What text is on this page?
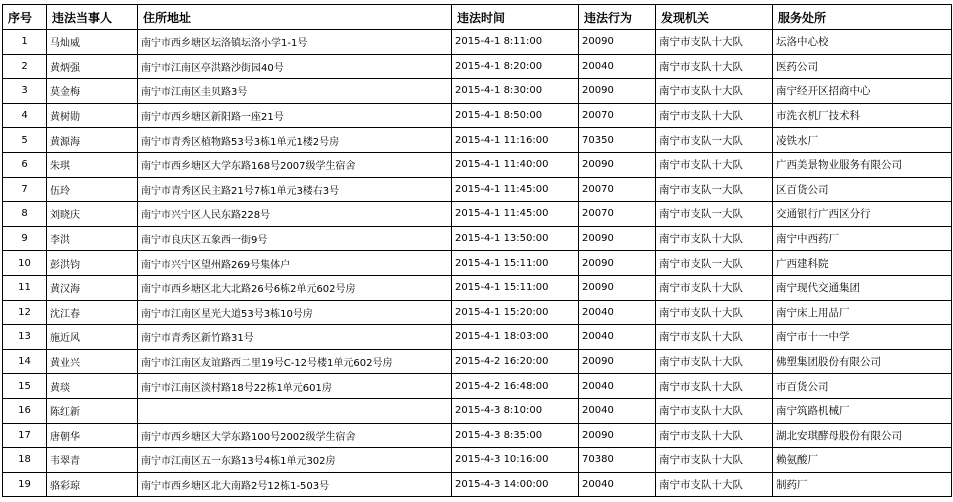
序号	违法当事人	住所地址	违法时间	违法行为	发现机关	服务处所
1	马灿威	南宁市西乡塘区坛洛镇坛洛小学1-1号	2015-4-1 8:11:00	20090	南宁市支队十大队	坛洛中心校
2	黄炳强	南宁市江南区亭洪路沙街园40号	2015-4-1 8:20:00	20040	南宁市支队十大队	医药公司
3	莫金梅	南宁市江南区圭贝路3号	2015-4-1 8:30:00	20090	南宁市支队十大队	南宁经开区招商中心
4	黄树勋	南宁市西乡塘区新阳路一座21号	2015-4-1 8:50:00	20070	南宁市支队十大队	市洗衣机厂技术科
5	黄源海	南宁市青秀区植物路53号3栋1单元1楼2号房	2015-4-1 11:16:00	70350	南宁市支队一大队	凌铁水厂
6	朱琪	南宁市西乡塘区大学东路168号2007级学生宿舍	2015-4-1 11:40:00	20090	南宁市支队十大队	广西美景物业服务有限公司
7	伍玲	南宁市青秀区民主路21号7栋1单元3楼右3号	2015-4-1 11:45:00	20070	南宁市支队一大队	区百货公司
8	刘晓庆	南宁市兴宁区人民东路228号	2015-4-1 11:45:00	20070	南宁市支队一大队	交通银行广西区分行
9	李洪	南宁市良庆区五象西一街9号	2015-4-1 13:50:00	20090	南宁市支队十大队	南宁中西药厂
10	彭洪钧	南宁市兴宁区望州路269号集体户	2015-4-1 15:11:00	20090	南宁市支队一大队	广西建科院
11	黄汉海	南宁市西乡塘区北大北路26号6栋2单元602号房	2015-4-1 15:11:00	20090	南宁市支队十大队	南宁现代交通集团
12	沈江春	南宁市江南区星光大道53号3栋10号房	2015-4-1 15:20:00	20040	南宁市支队十大队	南宁床上用品厂
13	施近风	南宁市青秀区新竹路31号	2015-4-1 18:03:00	20040	南宁市支队十大队	南宁市十一中学
14	黄业兴	南宁市江南区友谊路西二里19号C-12号楼1单元602号房	2015-4-2 16:20:00	20090	南宁市支队十大队	佛塑集团股份有限公司
15	黄琰	南宁市江南区淡村路18号22栋1单元601房	2015-4-2 16:48:00	20040	南宁市支队十大队	市百货公司
16	陈红新		2015-4-3 8:10:00	20040	南宁市支队十大队	南宁筑路机械厂
17	唐朝华	南宁市西乡塘区大学东路100号2002级学生宿舍	2015-4-3 8:35:00	20090	南宁市支队十大队	湖北安琪酵母股份有限公司
18	韦翠青	南宁市江南区五一东路13号4栋1单元302房	2015-4-3 10:16:00	70380	南宁市支队十大队	赖氨酸厂
19	骆彩琼	南宁市西乡塘区北大南路2号12栋1-503号	2015-4-3 14:00:00	20040	南宁市支队十大队	制药厂
